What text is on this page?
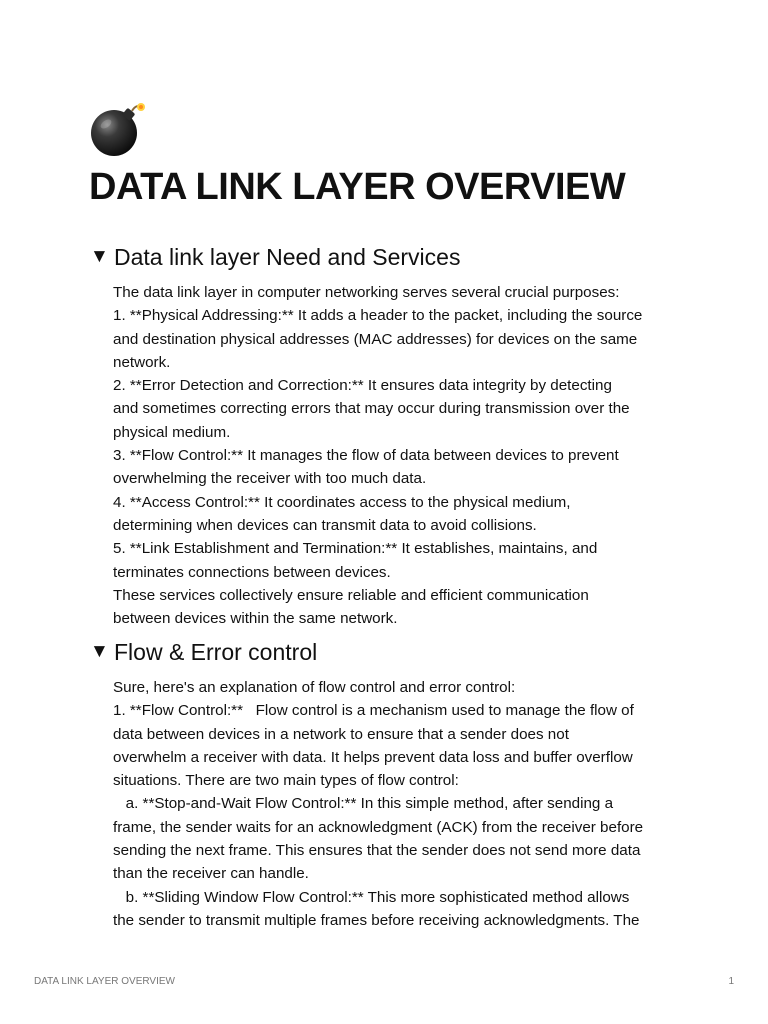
DATA LINK LAYER OVERVIEW
▼ Data link layer Need and Services
The data link layer in computer networking serves several crucial purposes:
1. **Physical Addressing:** It adds a header to the packet, including the source
and destination physical addresses (MAC addresses) for devices on the same
network.
2. **Error Detection and Correction:** It ensures data integrity by detecting
and sometimes correcting errors that may occur during transmission over the
physical medium.
3. **Flow Control:** It manages the flow of data between devices to prevent
overwhelming the receiver with too much data.
4. **Access Control:** It coordinates access to the physical medium,
determining when devices can transmit data to avoid collisions.
5. **Link Establishment and Termination:** It establishes, maintains, and
terminates connections between devices.
These services collectively ensure reliable and efficient communication
between devices within the same network.
▼ Flow & Error control
Sure, here's an explanation of flow control and error control:
1. **Flow Control:**   Flow control is a mechanism used to manage the flow of
data between devices in a network to ensure that a sender does not
overwhelm a receiver with data. It helps prevent data loss and buffer overflow
situations. There are two main types of flow control:
a. **Stop-and-Wait Flow Control:** In this simple method, after sending a
frame, the sender waits for an acknowledgment (ACK) from the receiver before
sending the next frame. This ensures that the sender does not send more data
than the receiver can handle.
b. **Sliding Window Flow Control:** This more sophisticated method allows
the sender to transmit multiple frames before receiving acknowledgments. The
DATA LINK LAYER OVERVIEW	1
